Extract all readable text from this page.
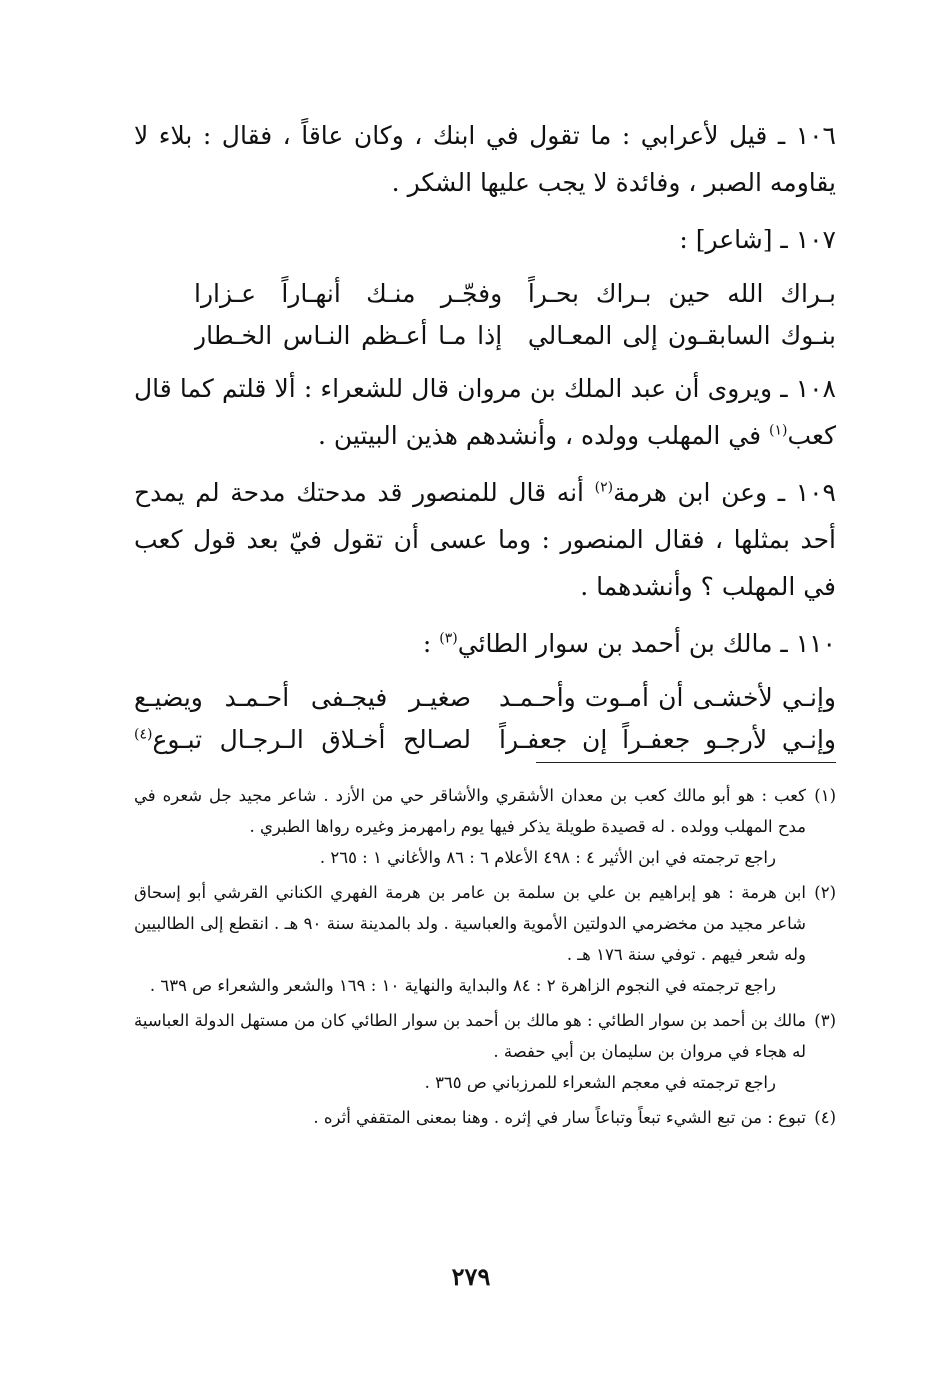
١٠٦ ـ قيل لأعرابي : ما تقول في ابنك ، وكان عاقاً ، فقال : بلاء لا يقاومه الصبر ، وفائدة لا يجب عليها الشكر .

١٠٧ ـ [شاعر] :

بـراك الله حين بـراك بحـراً
وفجّـر منـك أنهـاراً عـزارا
بنـوك السابقـون إلى المعـالي
إذا مـا أعـظم النـاس الخـطار

١٠٨ ـ ويروى أن عبد الملك بن مروان قال للشعراء : ألا قلتم كما قال كعب$^{(١)}$ في المهلب وولده ، وأنشدهم هذين البيتين .

١٠٩ ـ وعن ابن هرمة$^{(٢)}$ أنه قال للمنصور قد مدحتك مدحة لم يمدح أحد بمثلها ، فقال المنصور : وما عسى أن تقول فيّ بعد قول كعب في المهلب ؟ وأنشدهما .

١١٠ ـ مالك بن أحمد بن سوار الطائي$^{(٣)}$ :

وإنـي لأخشـى أن أمـوت وأحـمـد
صغيـر فيجـفى أحـمـد ويضيـع
وإنـي لأرجـو جعفـراً إن جعفـراً
لصـالح أخـلاق الـرجـال تبـوع$^{(٤)}$

(١)كعب : هو أبو مالك كعب بن معدان الأشقري والأشاقر حي من الأزد . شاعر مجيد جل شعره في مدح المهلب وولده . له قصيدة طويلة يذكر فيها يوم رامهرمز وغيره رواها الطبري .
راجع ترجمته في ابن الأثير ٤ : ٤٩٨ الأعلام ٦ : ٨٦ والأغاني ١ : ٢٦٥ .

(٢)ابن هرمة : هو إبراهيم بن علي بن سلمة بن عامر بن هرمة الفهري الكناني القرشي أبو إسحاق شاعر مجيد من مخضرمي الدولتين الأموية والعباسية . ولد بالمدينة سنة ٩٠ هـ . انقطع إلى الطالبيين وله شعر فيهم . توفي سنة ١٧٦ هـ .
راجع ترجمته في النجوم الزاهرة ٢ : ٨٤ والبداية والنهاية ١٠ : ١٦٩ والشعر والشعراء ص ٦٣٩ .

(٣)مالك بن أحمد بن سوار الطائي : هو مالك بن أحمد بن سوار الطائي كان من مستهل الدولة العباسية له هجاء في مروان بن سليمان بن أبي حفصة .
راجع ترجمته في معجم الشعراء للمرزباني ص ٣٦٥ .

(٤)تبوع : من تبع الشيء تبعاً وتباعاً سار في إثره . وهنا بمعنى المتقفي أثره .

٢٧٩
